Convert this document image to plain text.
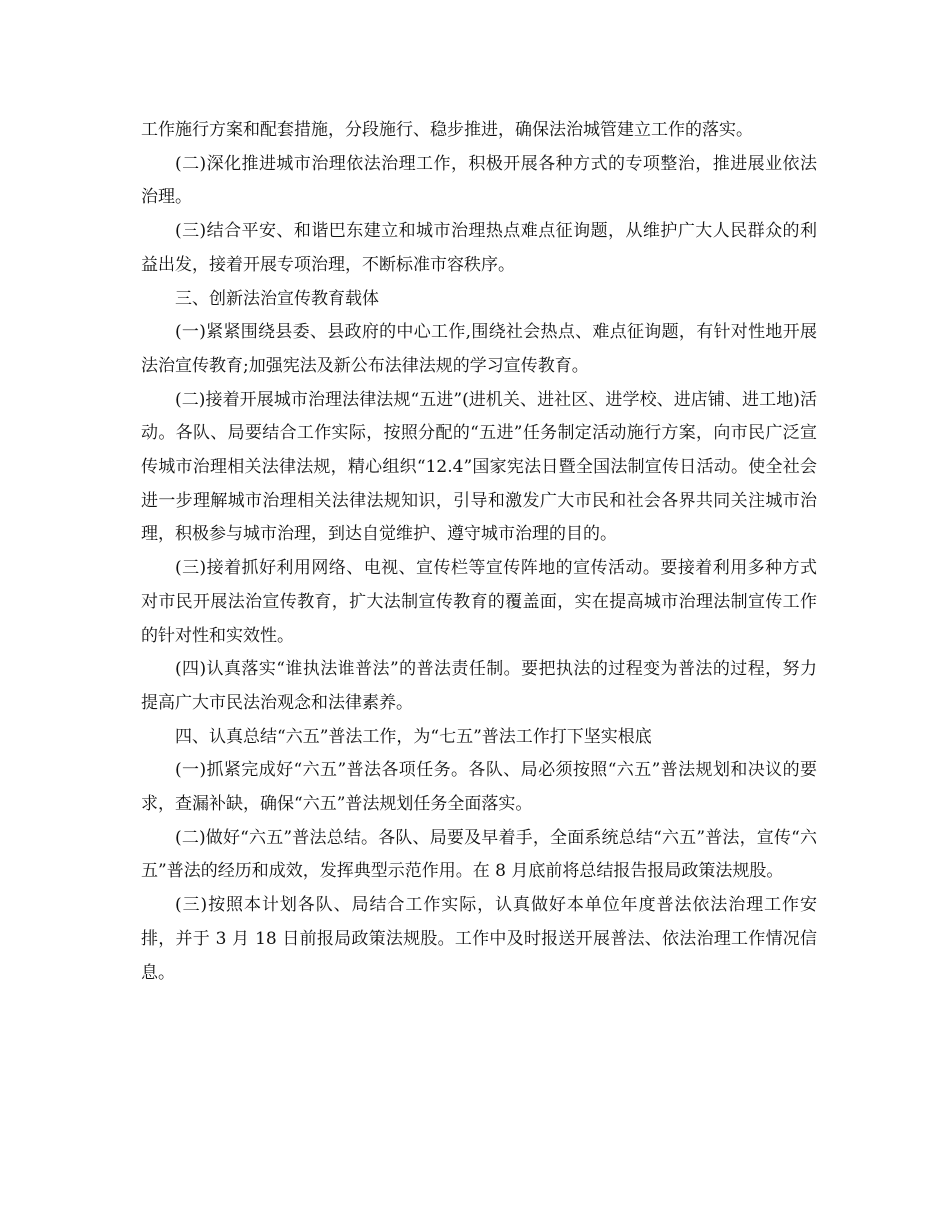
工作施行方案和配套措施，分段施行、稳步推进，确保法治城管建立工作的落实。

(二)深化推进城市治理依法治理工作，积极开展各种方式的专项整治，推进展业依法治理。

(三)结合平安、和谐巴东建立和城市治理热点难点征询题，从维护广大人民群众的利益出发，接着开展专项治理，不断标准市容秩序。

三、创新法治宣传教育载体

(一)紧紧围绕县委、县政府的中心工作,围绕社会热点、难点征询题，有针对性地开展法治宣传教育;加强宪法及新公布法律法规的学习宣传教育。

(二)接着开展城市治理法律法规“五进”(进机关、进社区、进学校、进店铺、进工地)活动。各队、局要结合工作实际，按照分配的“五进”任务制定活动施行方案，向市民广泛宣传城市治理相关法律法规，精心组织“12.4”国家宪法日暨全国法制宣传日活动。使全社会进一步理解城市治理相关法律法规知识，引导和激发广大市民和社会各界共同关注城市治理，积极参与城市治理，到达自觉维护、遵守城市治理的目的。

(三)接着抓好利用网络、电视、宣传栏等宣传阵地的宣传活动。要接着利用多种方式对市民开展法治宣传教育，扩大法制宣传教育的覆盖面，实在提高城市治理法制宣传工作的针对性和实效性。

(四)认真落实“谁执法谁普法”的普法责任制。要把执法的过程变为普法的过程，努力提高广大市民法治观念和法律素养。

四、认真总结“六五”普法工作，为“七五”普法工作打下坚实根底

(一)抓紧完成好“六五”普法各项任务。各队、局必须按照“六五”普法规划和决议的要求，查漏补缺，确保“六五”普法规划任务全面落实。

(二)做好“六五”普法总结。各队、局要及早着手，全面系统总结“六五”普法，宣传“六五”普法的经历和成效，发挥典型示范作用。在 8 月底前将总结报告报局政策法规股。

(三)按照本计划各队、局结合工作实际，认真做好本单位年度普法依法治理工作安排，并于 3 月 18 日前报局政策法规股。工作中及时报送开展普法、依法治理工作情况信息。
